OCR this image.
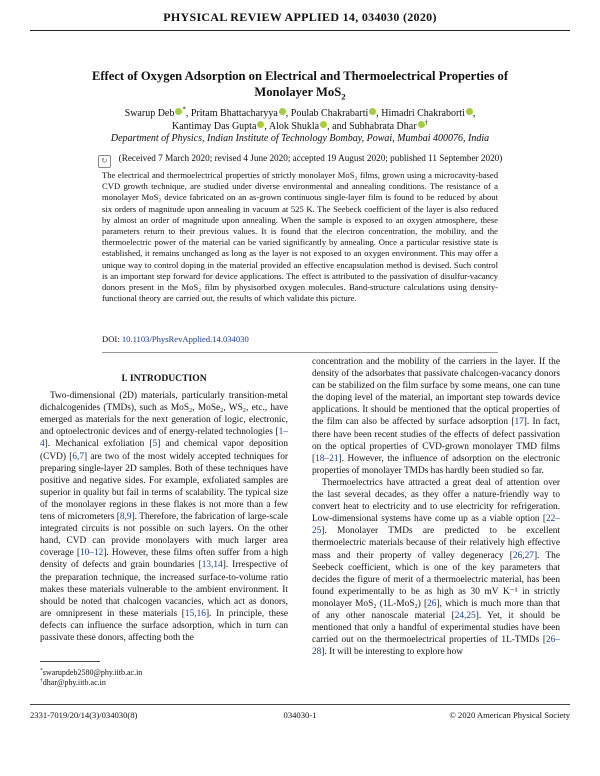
PHYSICAL REVIEW APPLIED 14, 034030 (2020)
Effect of Oxygen Adsorption on Electrical and Thermoelectrical Properties of
Monolayer MoS$_2$
Swarup Deb *, Pritam Bhattacharyya , Poulab Chakrabarti , Himadri Chakraborti ,
Kantimay Das Gupta , Alok Shukla , and Subhabrata Dhar †
Department of Physics, Indian Institute of Technology Bombay, Powai, Mumbai 400076, India
↻ (Received 7 March 2020; revised 4 June 2020; accepted 19 August 2020; published 11 September 2020)
The electrical and thermoelectrical properties of strictly monolayer MoS₂ films, grown using a microcavity-based CVD growth technique, are studied under diverse environmental and annealing conditions. The resistance of a monolayer MoS₂ device fabricated on an as-grown continuous single-layer film is found to be reduced by about six orders of magnitude upon annealing in vacuum at 525 K. The Seebeck coefficient of the layer is also reduced by almost an order of magnitude upon annealing. When the sample is exposed to an oxygen atmosphere, these parameters return to their previous values. It is found that the electron concentration, the mobility, and the thermoelectric power of the material can be varied significantly by annealing. Once a particular resistive state is established, it remains unchanged as long as the layer is not exposed to an oxygen environment. This may offer a unique way to control doping in the material provided an effective encapsulation method is devised. Such control is an important step forward for device applications. The effect is attributed to the passivation of disulfur-vacancy donors present in the MoS₂ film by physisorbed oxygen molecules. Band-structure calculations using density-functional theory are carried out, the results of which validate this picture.
DOI: 10.1103/PhysRevApplied.14.034030
I. INTRODUCTION

Two-dimensional (2D) materials, particularly transition-metal dichalcogenides (TMDs), such as MoS₂, MoSe₂, WS₂, etc., have emerged as materials for the next generation of logic, electronic, and optoelectronic devices and of energy-related technologies [1–4]. Mechanical exfoliation [5] and chemical vapor deposition (CVD) [6,7] are two of the most widely accepted techniques for preparing single-layer 2D samples. Both of these techniques have positive and negative sides. For example, exfoliated samples are superior in quality but fail in terms of scalability. The typical size of the monolayer regions in these flakes is not more than a few tens of micrometers [8,9]. Therefore, the fabrication of large-scale integrated circuits is not possible on such layers. On the other hand, CVD can provide monolayers with much larger area coverage [10–12]. However, these films often suffer from a high density of defects and grain boundaries [13,14]. Irrespective of the preparation technique, the increased surface-to-volume ratio makes these materials vulnerable to the ambient environment. It should be noted that chalcogen vacancies, which act as donors, are omnipresent in these materials [15,16]. In principle, these defects can influence the surface adsorption, which in turn can passivate these donors, affecting both the

concentration and the mobility of the carriers in the layer. If the density of the adsorbates that passivate chalcogen-vacancy donors can be stabilized on the film surface by some means, one can tune the doping level of the material, an important step towards device applications. It should be mentioned that the optical properties of the film can also be affected by surface adsorption [17]. In fact, there have been recent studies of the effects of defect passivation on the optical properties of CVD-grown monolayer TMD films [18–21]. However, the influence of adsorption on the electronic properties of monolayer TMDs has hardly been studied so far.

Thermoelectrics have attracted a great deal of attention over the last several decades, as they offer a nature-friendly way to convert heat to electricity and to use electricity for refrigeration. Low-dimensional systems have come up as a viable option [22–25]. Monolayer TMDs are predicted to be excellent thermoelectric materials because of their relatively high effective mass and their property of valley degeneracy [26,27]. The Seebeck coefficient, which is one of the key parameters that decides the figure of merit of a thermoelectric material, has been found experimentally to be as high as 30 mV K⁻¹ in strictly monolayer MoS₂ (1L-MoS₂) [26], which is much more than that of any other nanoscale material [24,25]. Yet, it should be mentioned that only a handful of experimental studies have been carried out on the thermoelectrical properties of 1L-TMDs [26–28]. It will be interesting to explore how

*swarupdeb2580@phy.iitb.ac.in
†dhar@phy.iitb.ac.in
2331-7019/20/14(3)/034030(8)	034030-1	© 2020 American Physical Society
